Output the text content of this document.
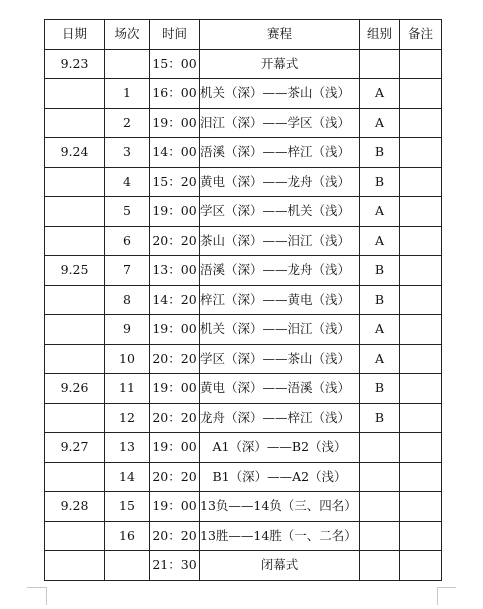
日期	场次	时间	赛程	组别	备注
9.23		15：00	开幕式		
	1	16：00	机关（深）——茶山（浅）	A	
	2	19：00	汨江（深）——学区（浅）	A	
9.24	3	14：00	浯溪（深）——梓江（浅）	B	
	4	15：20	黄电（深）——龙舟（浅）	B	
	5	19：00	学区（深）——机关（浅）	A	
	6	20：20	茶山（深）——汨江（浅）	A	
9.25	7	13：00	浯溪（深）——龙舟（浅）	B	
	8	14：20	梓江（深）——黄电（浅）	B	
	9	19：00	机关（深）——汨江（浅）	A	
	10	20：20	学区（深）——茶山（浅）	A	
9.26	11	19：00	黄电（深）——浯溪（浅）	B	
	12	20：20	龙舟（深）——梓江（浅）	B	
9.27	13	19：00	A1（深）——B2（浅）		
	14	20：20	B1（深）——A2（浅）		
9.28	15	19：00	13负——14负（三、四名）		
	16	20：20	13胜——14胜（一、二名）		
		21：30	闭幕式		
